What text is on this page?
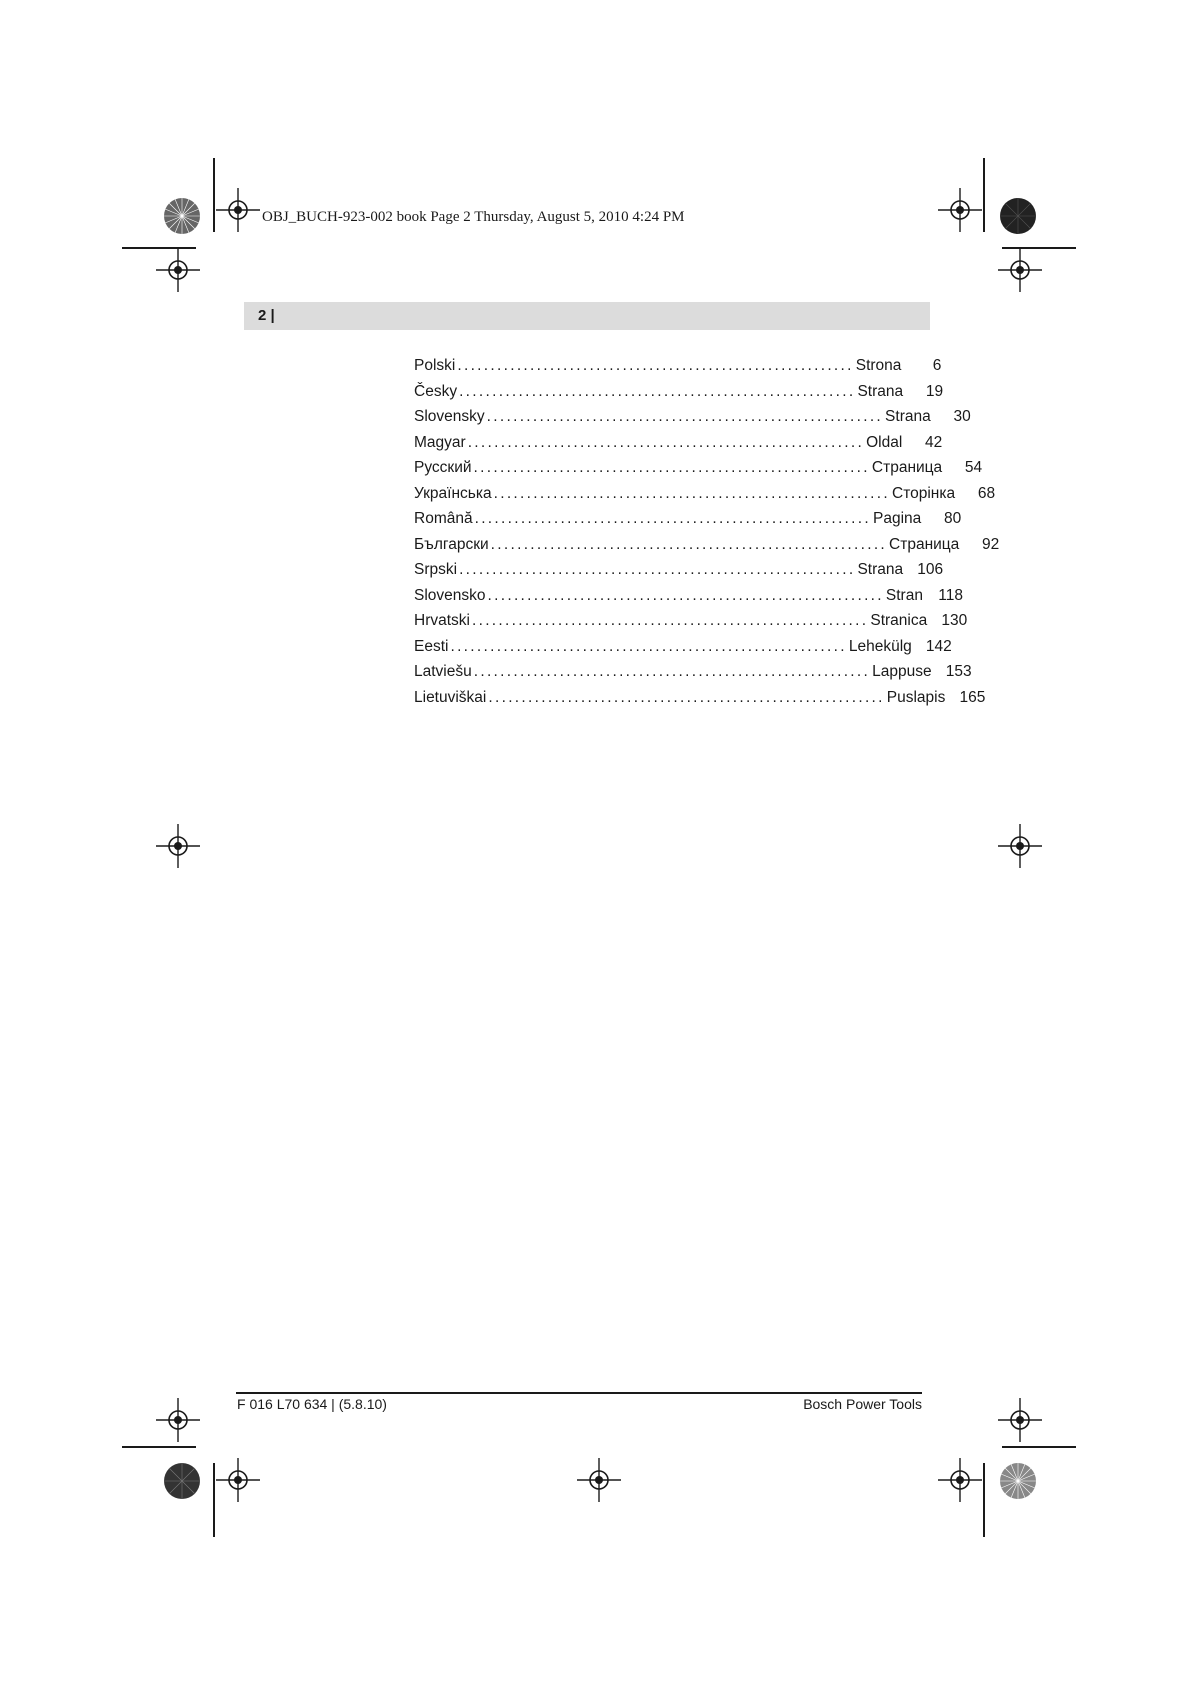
OBJ_BUCH-923-002 book Page 2 Thursday, August 5, 2010 4:24 PM
2 |
Polski ............................................................ Strona	6
Česky ............................................................ Strana	19
Slovensky ............................................................ Strana	30
Magyar ............................................................ Oldal	42
Русский ............................................................ Страница	54
Українська ............................................................ Сторінка	68
Română ............................................................ Pagina	80
Български ............................................................ Страница	92
Srpski ............................................................ Strana 106
Slovensko ............................................................ Stran 118
Hrvatski ............................................................ Stranica 130
Eesti ............................................................ Lehekülg 142
Latviešu ............................................................ Lappuse 153
Lietuviškai ............................................................ Puslapis 165
F 016 L70 634 | (5.8.10)	Bosch Power Tools
